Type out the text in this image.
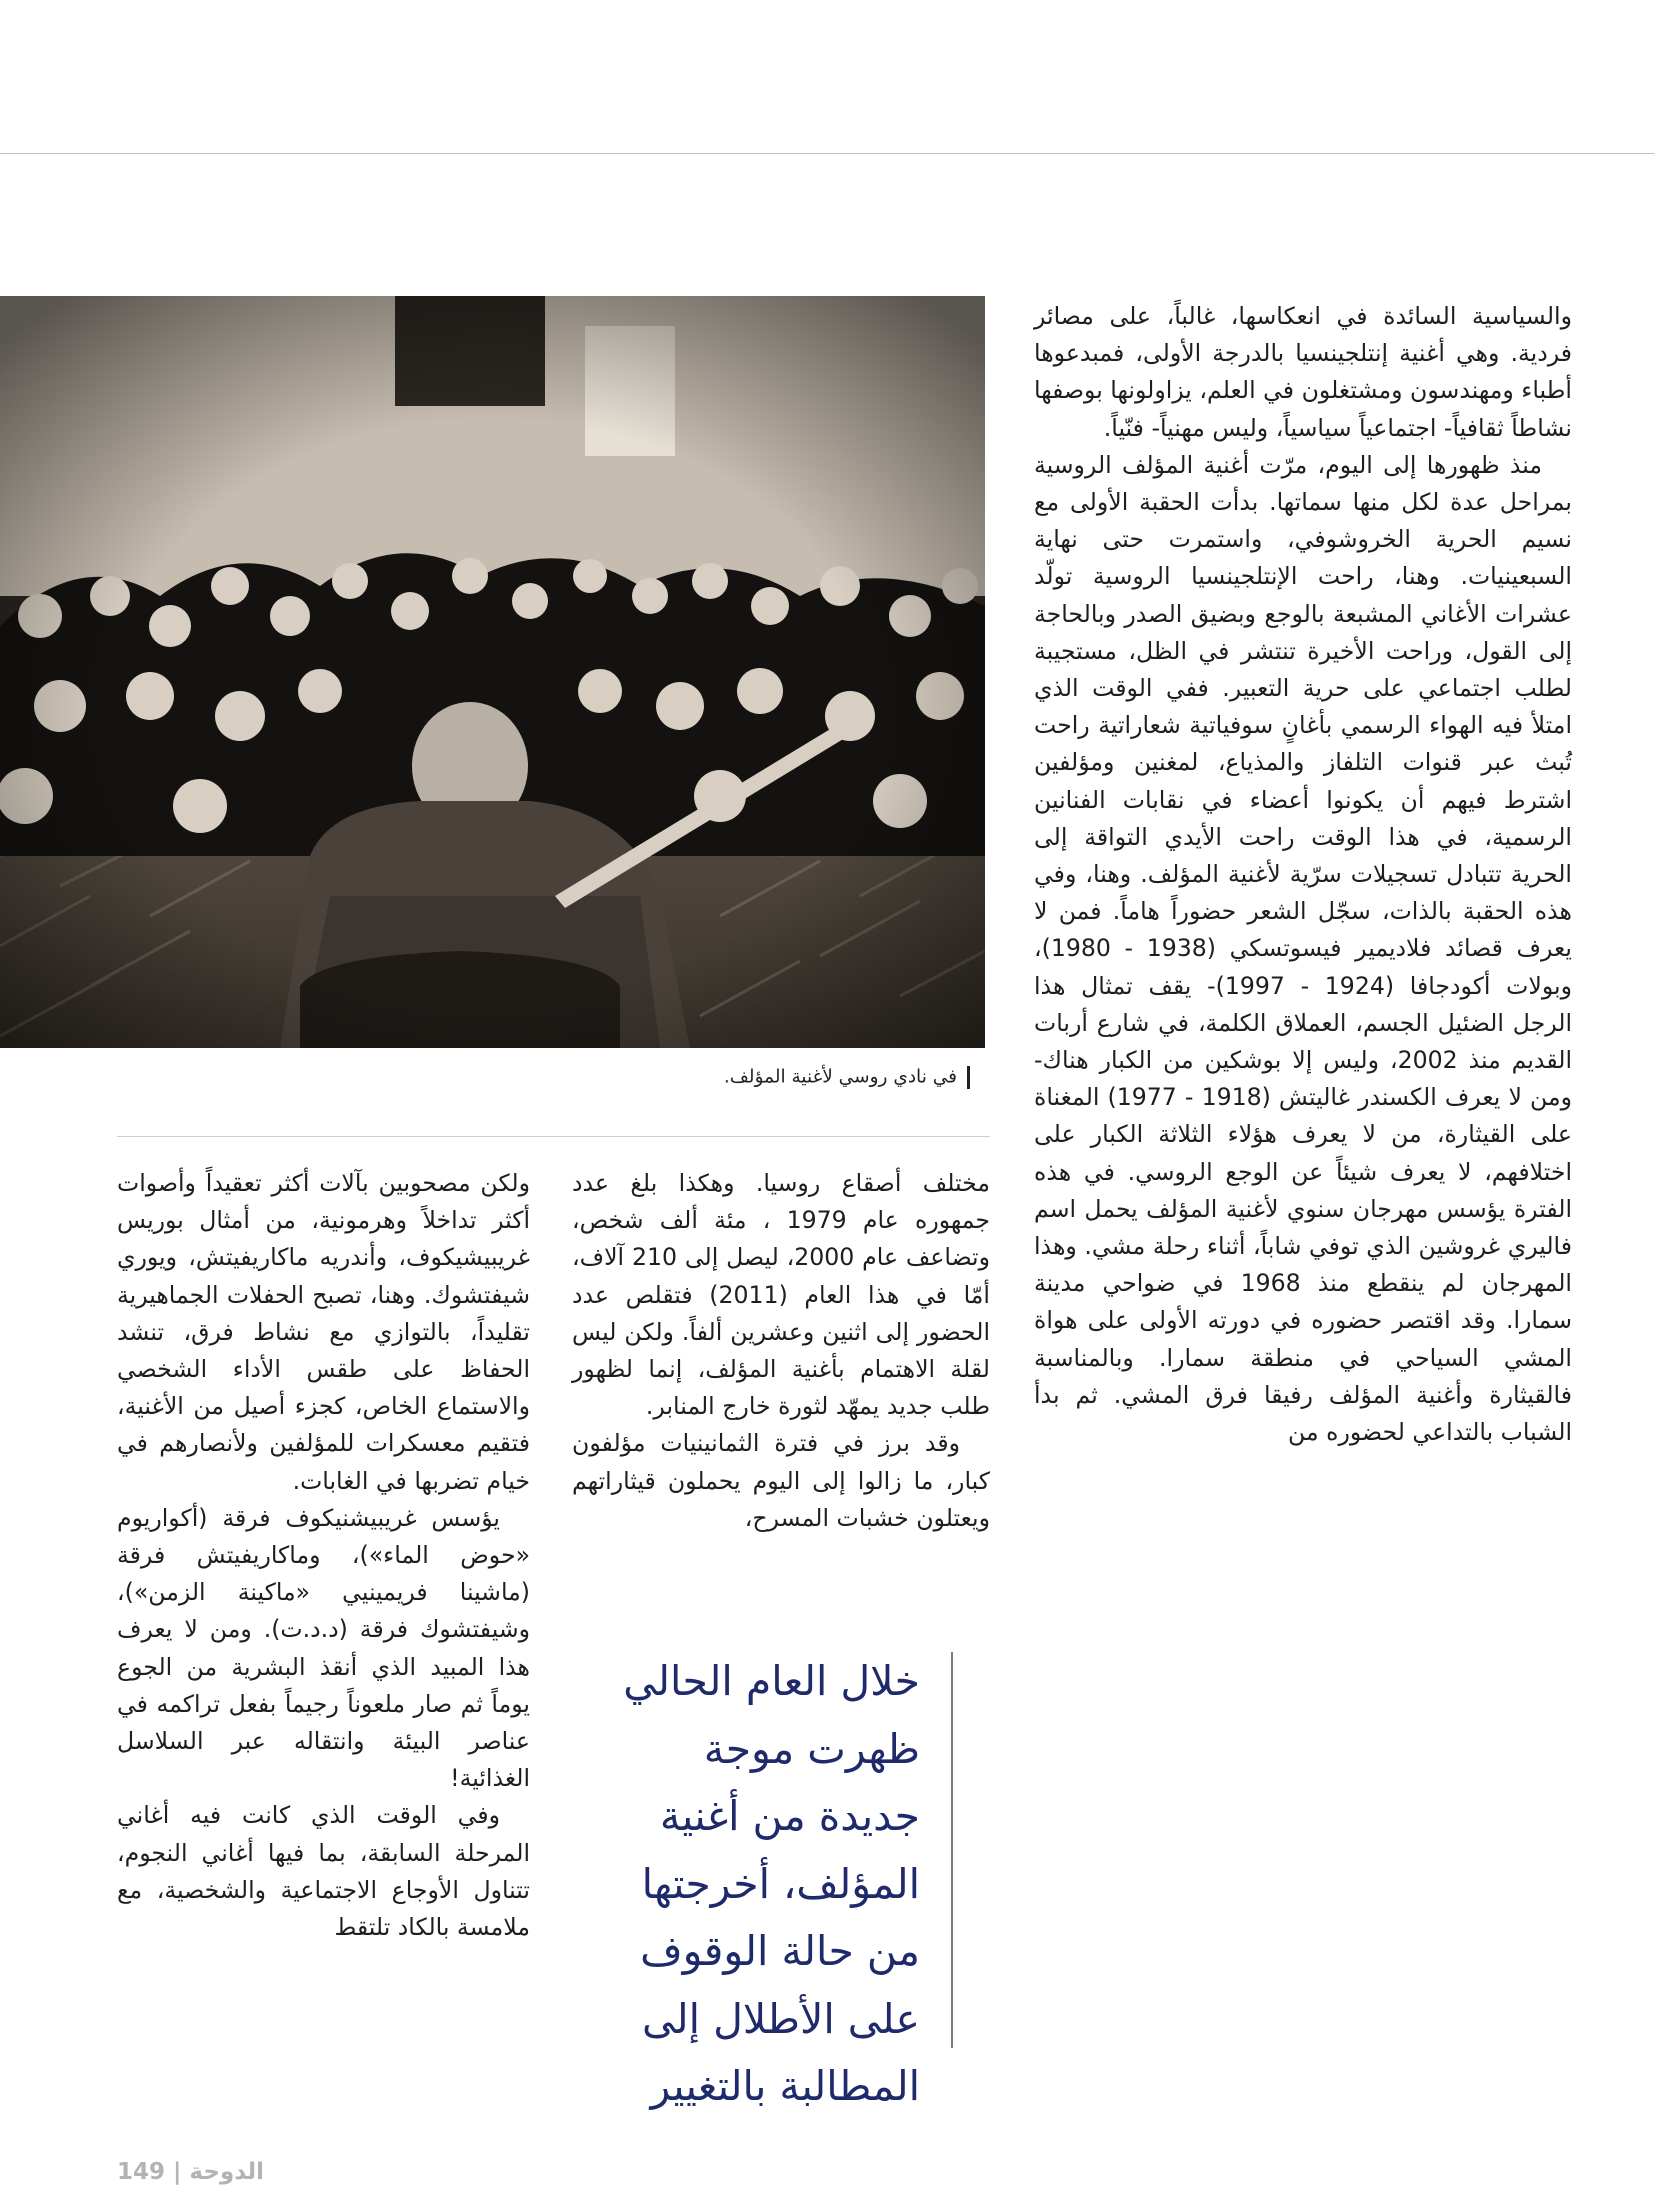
في نادي روسي لأغنية المؤلف.

والسياسية السائدة في انعكاسها، غالباً، على مصائر فردية. وهي أغنية إنتلجينسيا بالدرجة الأولى، فمبدعوها أطباء ومهندسون ومشتغلون في العلم، يزاولونها بوصفها نشاطاً ثقافياً- اجتماعياً سياسياً، وليس مهنياً- فنّياً.

منذ ظهورها إلى اليوم، مرّت أغنية المؤلف الروسية بمراحل عدة لكل منها سماتها. بدأت الحقبة الأولى مع نسيم الحرية الخروشوفي، واستمرت حتى نهاية السبعينيات. وهنا، راحت الإنتلجينسيا الروسية تولّد عشرات الأغاني المشبعة بالوجع وبضيق الصدر وبالحاجة إلى القول، وراحت الأخيرة تنتشر في الظل، مستجيبة لطلب اجتماعي على حرية التعبير. ففي الوقت الذي امتلأ فيه الهواء الرسمي بأغانٍ سوفياتية شعاراتية راحت تُبث عبر قنوات التلفاز والمذياع، لمغنين ومؤلفين اشترط فيهم أن يكونوا أعضاء في نقابات الفنانين الرسمية، في هذا الوقت راحت الأيدي التواقة إلى الحرية تتبادل تسجيلات سرّية لأغنية المؤلف. وهنا، وفي هذه الحقبة بالذات، سجّل الشعر حضوراً هاماً. فمن لا يعرف قصائد فلاديمير فيسوتسكي (1938 - 1980)، وبولات أكودجافا (1924 - 1997)- يقف تمثال هذا الرجل الضئيل الجسم، العملاق الكلمة، في شارع أربات القديم منذ 2002، وليس إلا بوشكين من الكبار هناك- ومن لا يعرف الكسندر غاليتش (1918 - 1977) المغناة على القيثارة، من لا يعرف هؤلاء الثلاثة الكبار على اختلافهم، لا يعرف شيئاً عن الوجع الروسي. في هذه الفترة يؤسس مهرجان سنوي لأغنية المؤلف يحمل اسم فاليري غروشين الذي توفي شاباً، أثناء رحلة مشي. وهذا المهرجان لم ينقطع منذ 1968 في ضواحي مدينة سمارا. وقد اقتصر حضوره في دورته الأولى على هواة المشي السياحي في منطقة سمارا. وبالمناسبة فالقيثارة وأغنية المؤلف رفيقا فرق المشي. ثم بدأ الشباب بالتداعي لحضوره من

مختلف أصقاع روسيا. وهكذا بلغ عدد جمهوره عام 1979 ، مئة ألف شخص، وتضاعف عام 2000، ليصل إلى 210 آلاف، أمّا في هذا العام (2011) فتقلص عدد الحضور إلى اثنين وعشرين ألفاً. ولكن ليس لقلة الاهتمام بأغنية المؤلف، إنما لظهور طلب جديد يمهّد لثورة خارج المنابر.

وقد برز في فترة الثمانينيات مؤلفون كبار، ما زالوا إلى اليوم يحملون قيثاراتهم ويعتلون خشبات المسرح،

ولكن مصحوبين بآلات أكثر تعقيداً وأصوات أكثر تداخلاً وهرمونية، من أمثال بوريس غريبيشيكوف، وأندريه ماكاريفيتش، ويوري شيفتشوك. وهنا، تصبح الحفلات الجماهيرية تقليداً، بالتوازي مع نشاط فرق، تنشد الحفاظ على طقس الأداء الشخصي والاستماع الخاص، كجزء أصيل من الأغنية، فتقيم معسكرات للمؤلفين ولأنصارهم في خيام تضربها في الغابات.

يؤسس غريبيشنيكوف فرقة (أكواريوم «حوض الماء»)، وماكاريفيتش فرقة (ماشينا فريمينيي «ماكينة الزمن»)، وشيفتشوك فرقة (د.د.ت). ومن لا يعرف هذا المبيد الذي أنقذ البشرية من الجوع يوماً ثم صار ملعوناً رجيماً بفعل تراكمه في عناصر البيئة وانتقاله عبر السلاسل الغذائية!

وفي الوقت الذي كانت فيه أغاني المرحلة السابقة، بما فيها أغاني النجوم، تتناول الأوجاع الاجتماعية والشخصية، مع ملامسة بالكاد تلتقط

خلال العام الحالي
ظهرت موجة
جديدة من أغنية
المؤلف، أخرجتها
من حالة الوقوف
على الأطلال إلى
المطالبة بالتغيير
149 | الدوحة
